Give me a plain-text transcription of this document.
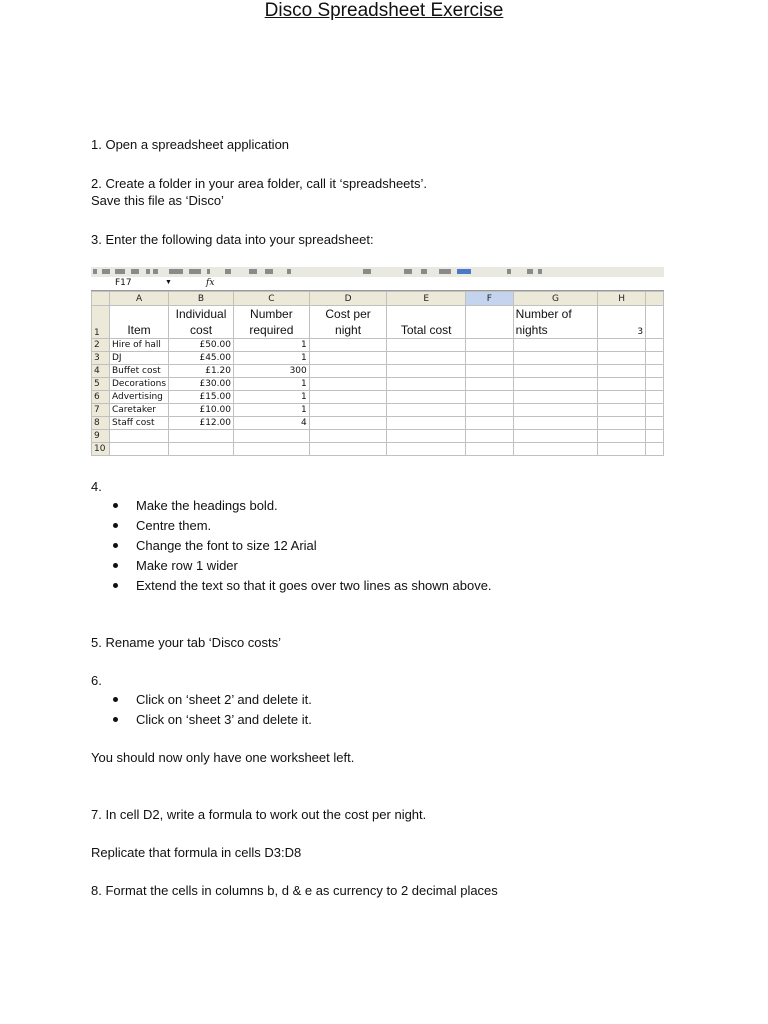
Disco Spreadsheet Exercise
1. Open a spreadsheet application
2. Create a folder in your area folder, call it ‘spreadsheets’.
Save this file as ‘Disco’
3. Enter the following data into your spreadsheet:
F17	▼	fx
	A	B	C	D	E	F	G	H	
1	Item	Individual cost	Number required	Cost per night	Total cost		Number of nights	3	
2	Hire of hall	£50.00	1						
3	DJ	£45.00	1						
4	Buffet cost	£1.20	300						
5	Decorations	£30.00	1						
6	Advertising	£15.00	1						
7	Caretaker	£10.00	1						
8	Staff cost	£12.00	4						
9									
10									
4.
Make the headings bold.
Centre them.
Change the font to size 12 Arial
Make row 1 wider
Extend the text so that it goes over two lines as shown above.
5. Rename your tab ‘Disco costs’
6.
Click on ‘sheet 2’ and delete it.
Click on ‘sheet 3’ and delete it.
You should now only have one worksheet left.
7. In cell D2, write a formula to work out the cost per night.
Replicate that formula in cells D3:D8
8. Format the cells in columns b, d & e as currency to 2 decimal places
